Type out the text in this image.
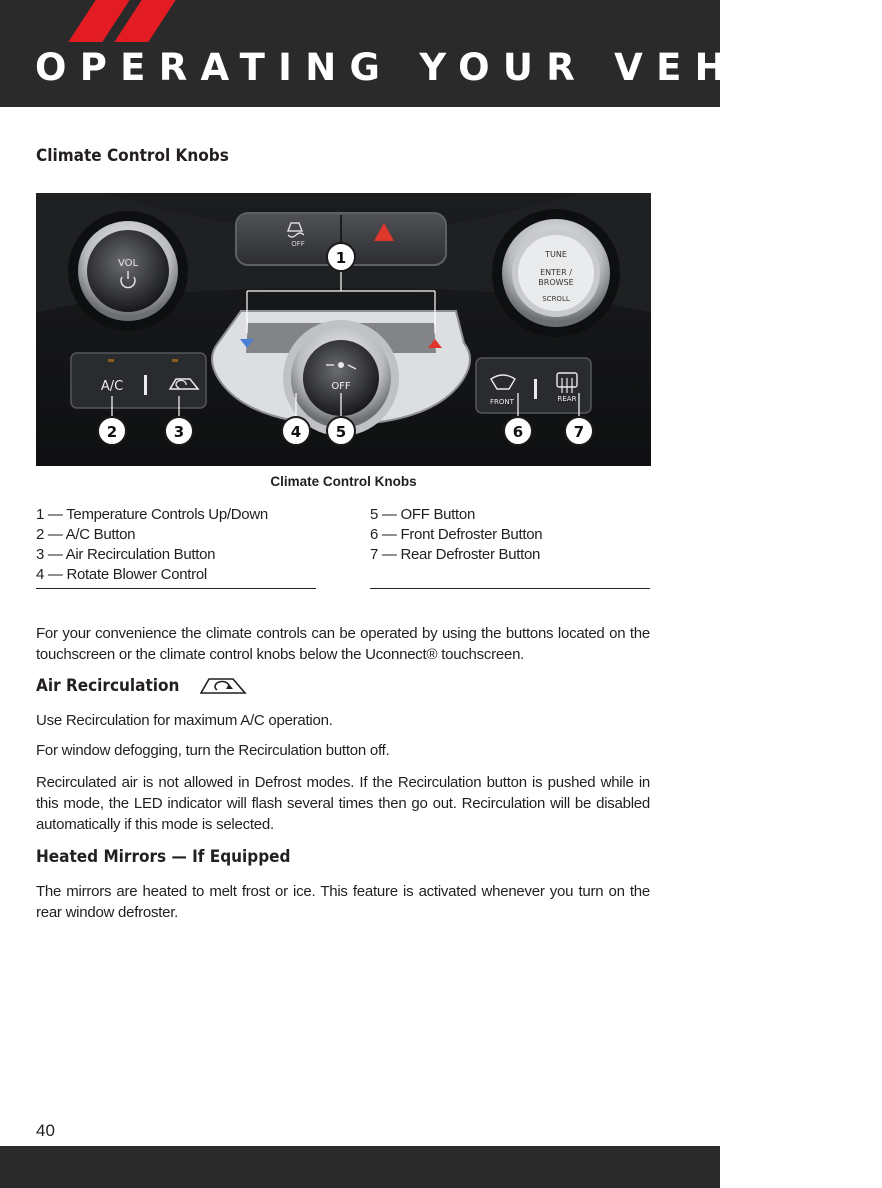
OPERATING YOUR VEHICLE
Climate Control Knobs
OFF
VOL
TUNE
ENTER /
BROWSE
SCROLL
OFF
A/C
FRONT	REAR
1
2	3	4 5	6	7
Climate Control Knobs
1 — Temperature Controls Up/Down
2 — A/C Button
3 — Air Recirculation Button
4 — Rotate Blower Control
5 — OFF Button
6 — Front Defroster Button
7 — Rear Defroster Button
For your convenience the climate controls can be operated by using the buttons located on the touchscreen or the climate control knobs below the Uconnect® touchscreen.
Air Recirculation
Use Recirculation for maximum A/C operation.
For window defogging, turn the Recirculation button off.
Recirculated air is not allowed in Defrost modes. If the Recirculation button is pushed while in this mode, the LED indicator will flash several times then go out. Recirculation will be disabled automatically if this mode is selected.
Heated Mirrors — If Equipped
The mirrors are heated to melt frost or ice. This feature is activated whenever you turn on the rear window defroster.
40
